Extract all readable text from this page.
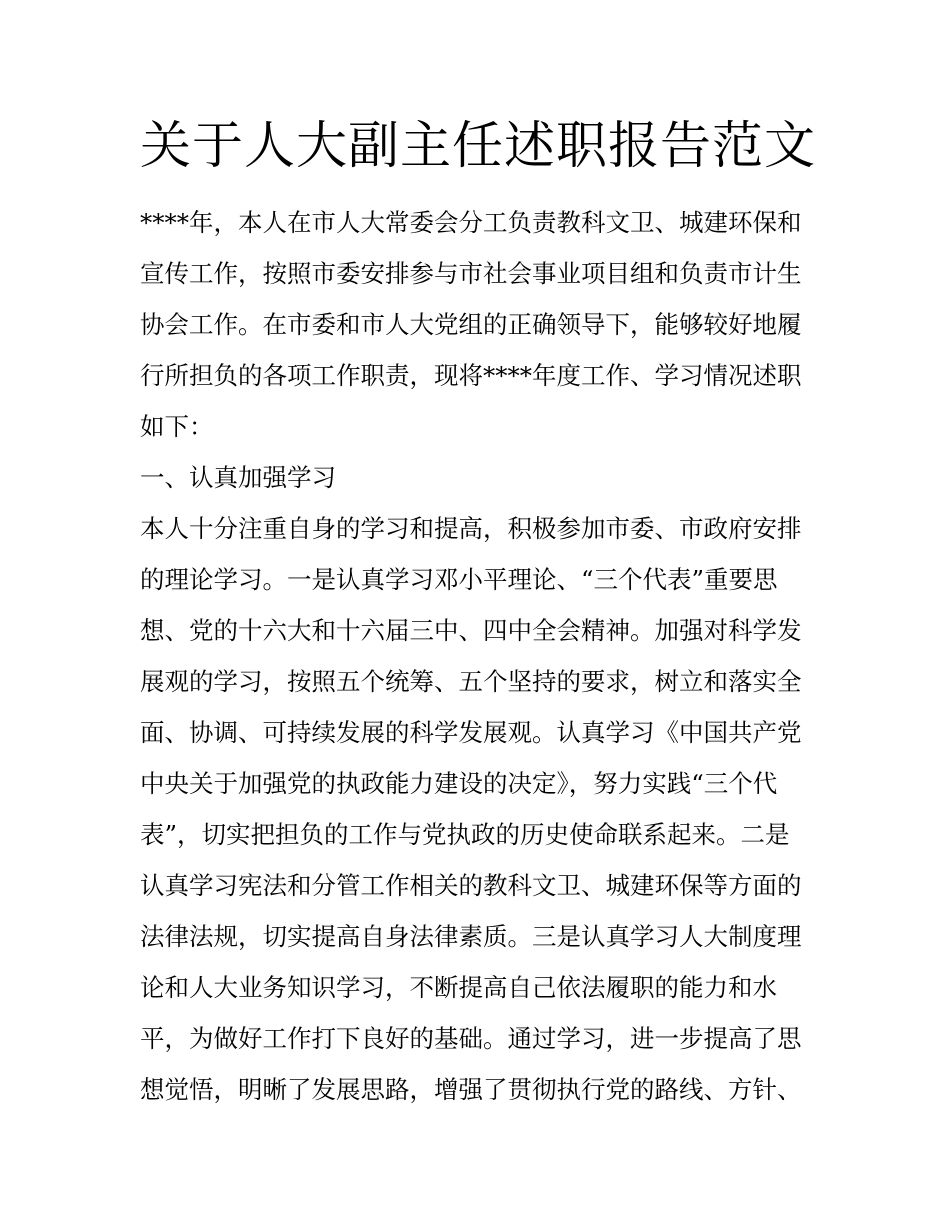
关于人大副主任述职报告范文

****年，本人在市人大常委会分工负责教科文卫、城建环保和

宣传工作，按照市委安排参与市社会事业项目组和负责市计生

协会工作。在市委和市人大党组的正确领导下，能够较好地履

行所担负的各项工作职责，现将****年度工作、学习情况述职

如下：

一、认真加强学习

本人十分注重自身的学习和提高，积极参加市委、市政府安排

的理论学习。一是认真学习邓小平理论、“三个代表”重要思

想、党的十六大和十六届三中、四中全会精神。加强对科学发

展观的学习，按照五个统筹、五个坚持的要求，树立和落实全

面、协调、可持续发展的科学发展观。认真学习《中国共产党

中央关于加强党的执政能力建设的决定》，努力实践“三个代

表”，切实把担负的工作与党执政的历史使命联系起来。二是

认真学习宪法和分管工作相关的教科文卫、城建环保等方面的

法律法规，切实提高自身法律素质。三是认真学习人大制度理

论和人大业务知识学习，不断提高自己依法履职的能力和水

平，为做好工作打下良好的基础。通过学习，进一步提高了思

想觉悟，明晰了发展思路，增强了贯彻执行党的路线、方针、
